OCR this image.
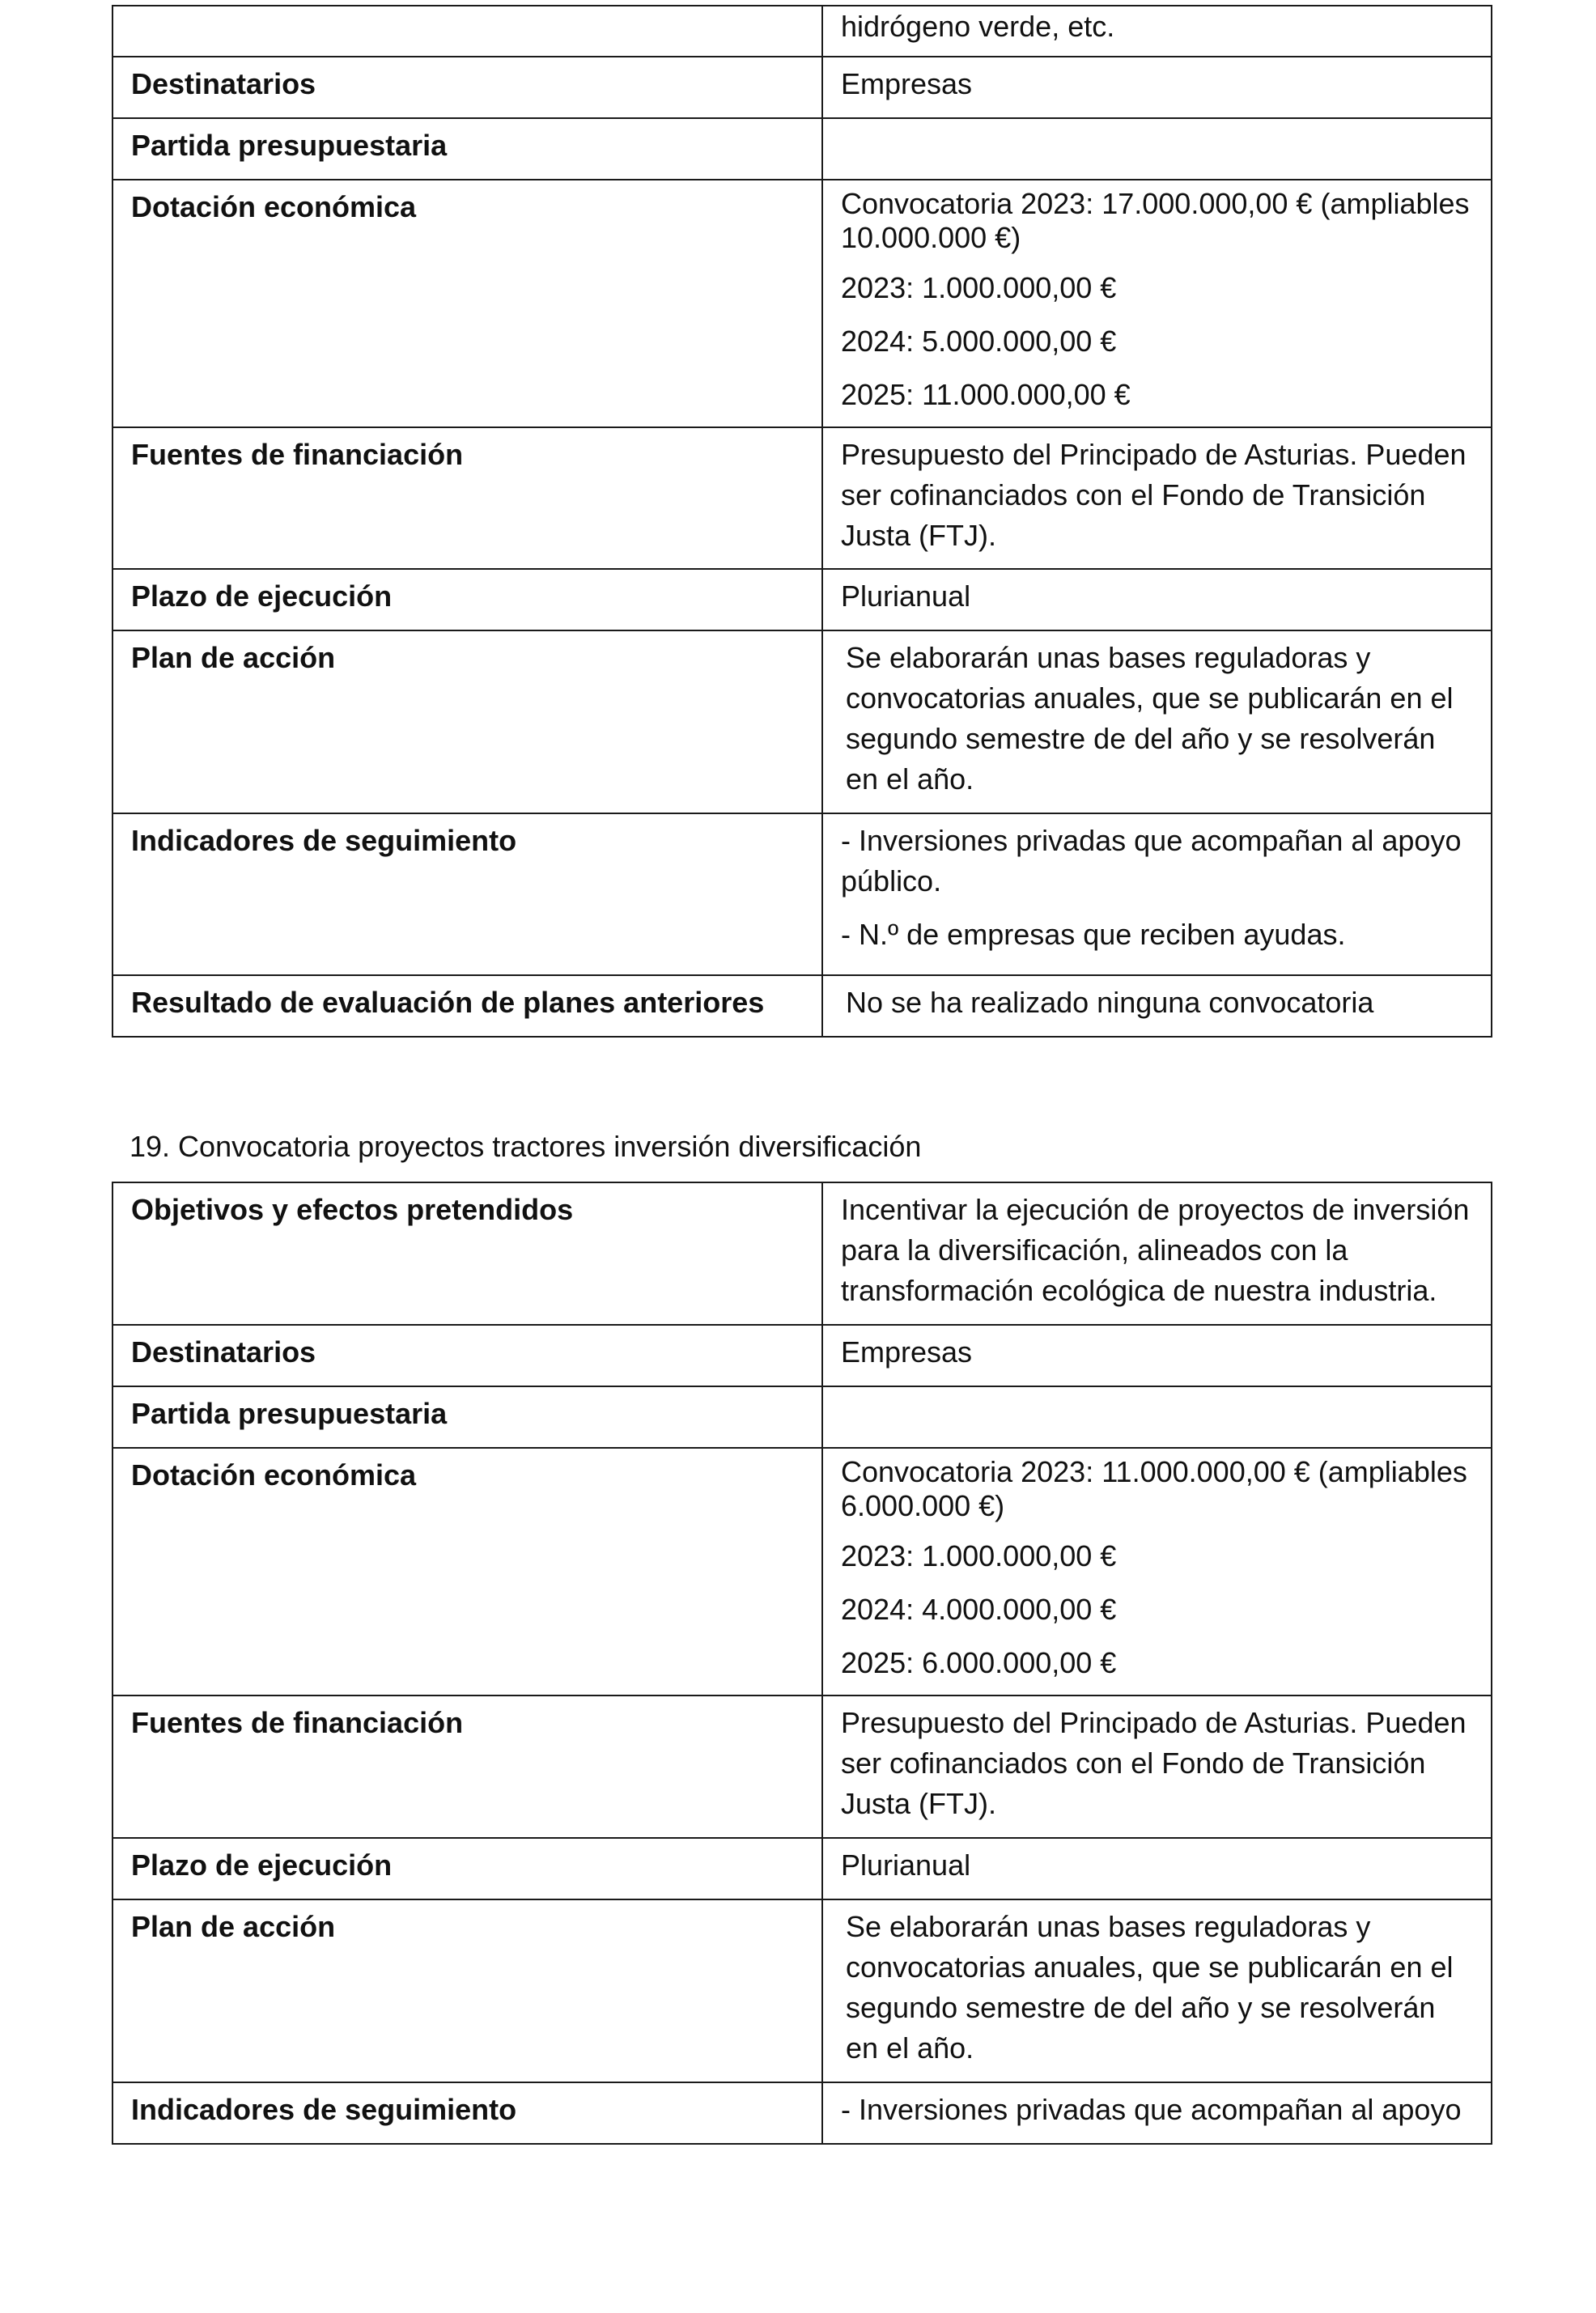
	hidrógeno verde, etc.

Destinatarios	Empresas

Partida presupuestaria	

Dotación económica	Convocatoria 2023: 17.000.000,00 € (ampliables 10.000.000 €)

2023: 1.000.000,00 €

2024: 5.000.000,00 €

2025: 11.000.000,00 €

Fuentes de financiación	Presupuesto del Principado de Asturias. Pueden ser cofinanciados con el Fondo de Transición Justa (FTJ).

Plazo de ejecución	Plurianual

Plan de acción	Se elaborarán unas bases reguladoras y convocatorias anuales, que se publicarán en el segundo semestre de del año y se resolverán en el año.

Indicadores de seguimiento	- Inversiones privadas que acompañan al apoyo público.

- N.º de empresas que reciben ayudas.

Resultado de evaluación de planes anteriores	No se ha realizado ninguna convocatoria

19. Convocatoria proyectos tractores inversión diversificación

Objetivos y efectos pretendidos	Incentivar la ejecución de proyectos de inversión para la diversificación, alineados con la transformación ecológica de nuestra industria.

Destinatarios	Empresas

Partida presupuestaria	

Dotación económica	Convocatoria 2023: 11.000.000,00 € (ampliables 6.000.000 €)

2023: 1.000.000,00 €

2024: 4.000.000,00 €

2025: 6.000.000,00 €

Fuentes de financiación	Presupuesto del Principado de Asturias. Pueden ser cofinanciados con el Fondo de Transición Justa (FTJ).

Plazo de ejecución	Plurianual

Plan de acción	Se elaborarán unas bases reguladoras y convocatorias anuales, que se publicarán en el segundo semestre de del año y se resolverán en el año.

Indicadores de seguimiento	- Inversiones privadas que acompañan al apoyo
